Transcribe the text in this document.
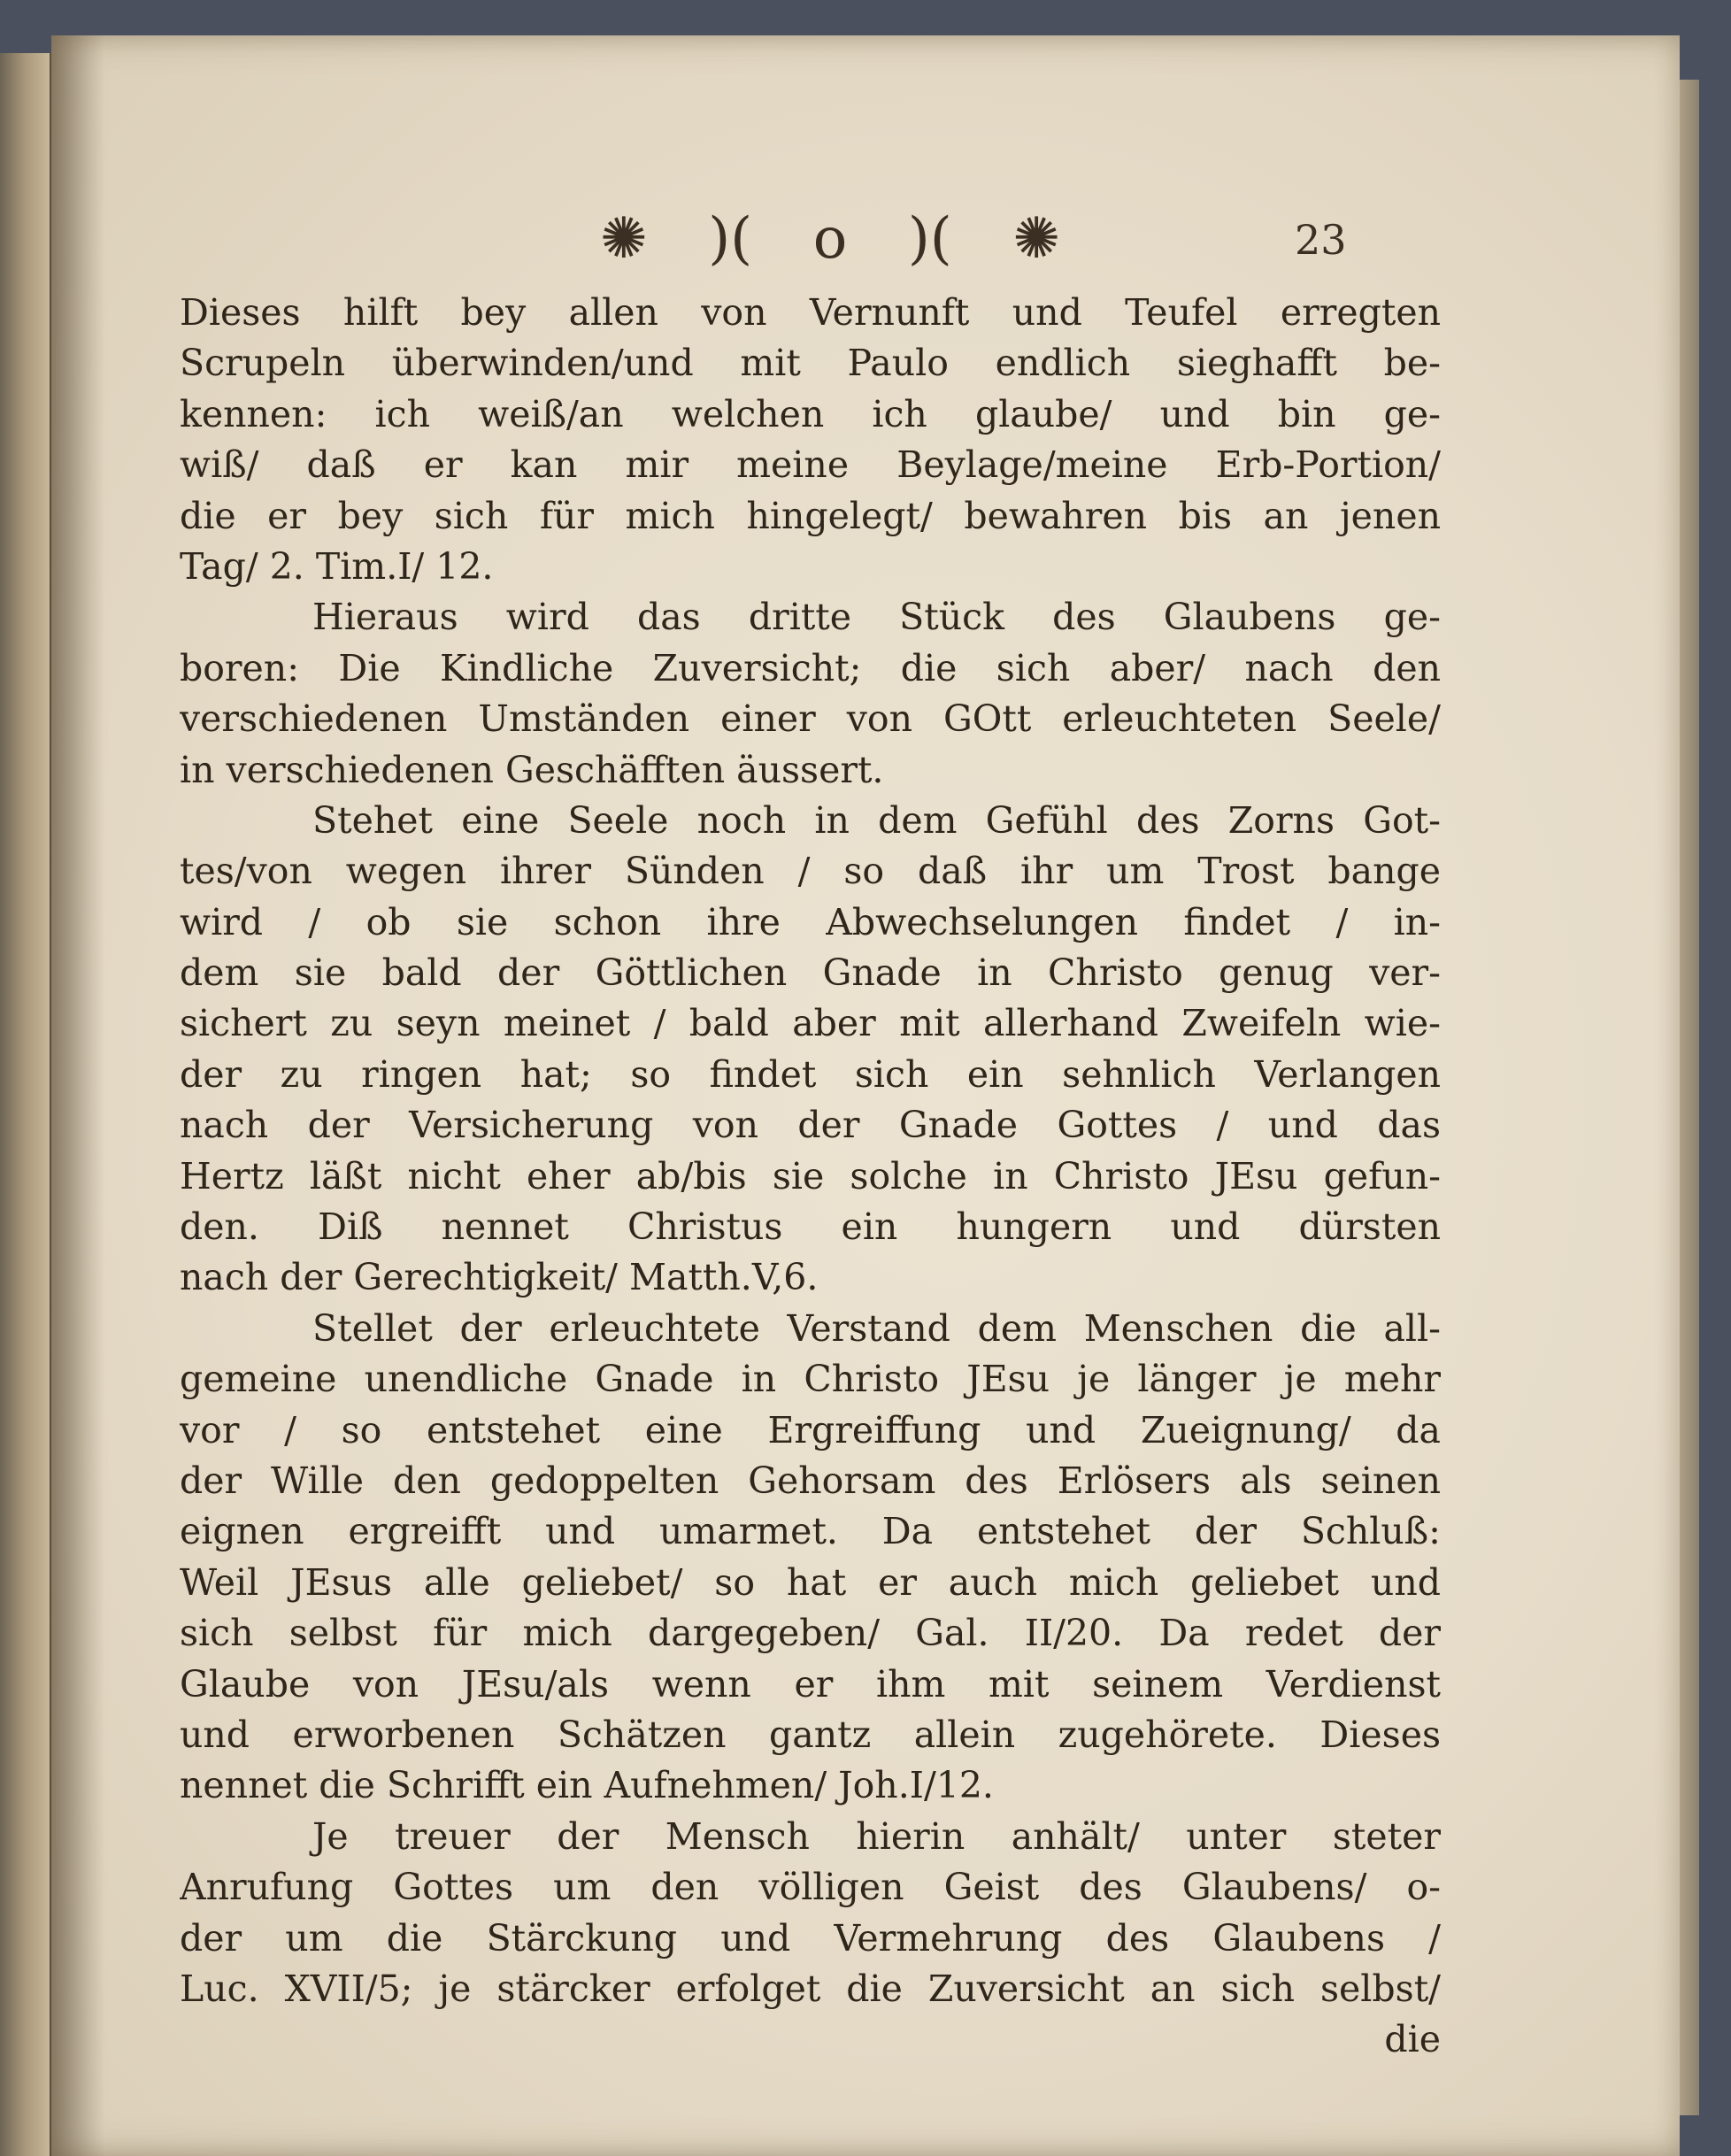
✺ )( o )( ✺	23
Dieses hilft bey allen von Vernunft und Teufel erregten
Scrupeln überwinden/und mit Paulo endlich sieghafft be-
kennen: ich weiß/an welchen ich glaube/ und bin ge-
wiß/ daß er kan mir meine Beylage/meine Erb-Portion/
die er bey sich für mich hingelegt/ bewahren bis an jenen
Tag/ 2. Tim.I/ 12.
Hieraus wird das dritte Stück des Glaubens ge-
boren: Die Kindliche Zuversicht; die sich aber/ nach den
verschiedenen Umständen einer von GOtt erleuchteten Seele/
in verschiedenen Geschäfften äussert.
Stehet eine Seele noch in dem Gefühl des Zorns Got-
tes/von wegen ihrer Sünden / so daß ihr um Trost bange
wird / ob sie schon ihre Abwechselungen findet / in-
dem sie bald der Göttlichen Gnade in Christo genug ver-
sichert zu seyn meinet / bald aber mit allerhand Zweifeln wie-
der zu ringen hat; so findet sich ein sehnlich Verlangen
nach der Versicherung von der Gnade Gottes / und das
Hertz läßt nicht eher ab/bis sie solche in Christo JEsu gefun-
den. Diß nennet Christus ein hungern und dürsten
nach der Gerechtigkeit/ Matth.V,6.
Stellet der erleuchtete Verstand dem Menschen die all-
gemeine unendliche Gnade in Christo JEsu je länger je mehr
vor / so entstehet eine Ergreiffung und Zueignung/ da
der Wille den gedoppelten Gehorsam des Erlösers als seinen
eignen ergreifft und umarmet. Da entstehet der Schluß:
Weil JEsus alle geliebet/ so hat er auch mich geliebet und
sich selbst für mich dargegeben/ Gal. II/20. Da redet der
Glaube von JEsu/als wenn er ihm mit seinem Verdienst
und erworbenen Schätzen gantz allein zugehörete. Dieses
nennet die Schrifft ein Aufnehmen/ Joh.I/12.
Je treuer der Mensch hierin anhält/ unter steter
Anrufung Gottes um den völligen Geist des Glaubens/ o-
der um die Stärckung und Vermehrung des Glaubens /
Luc. XVII/5; je stärcker erfolget die Zuversicht an sich selbst/
die
